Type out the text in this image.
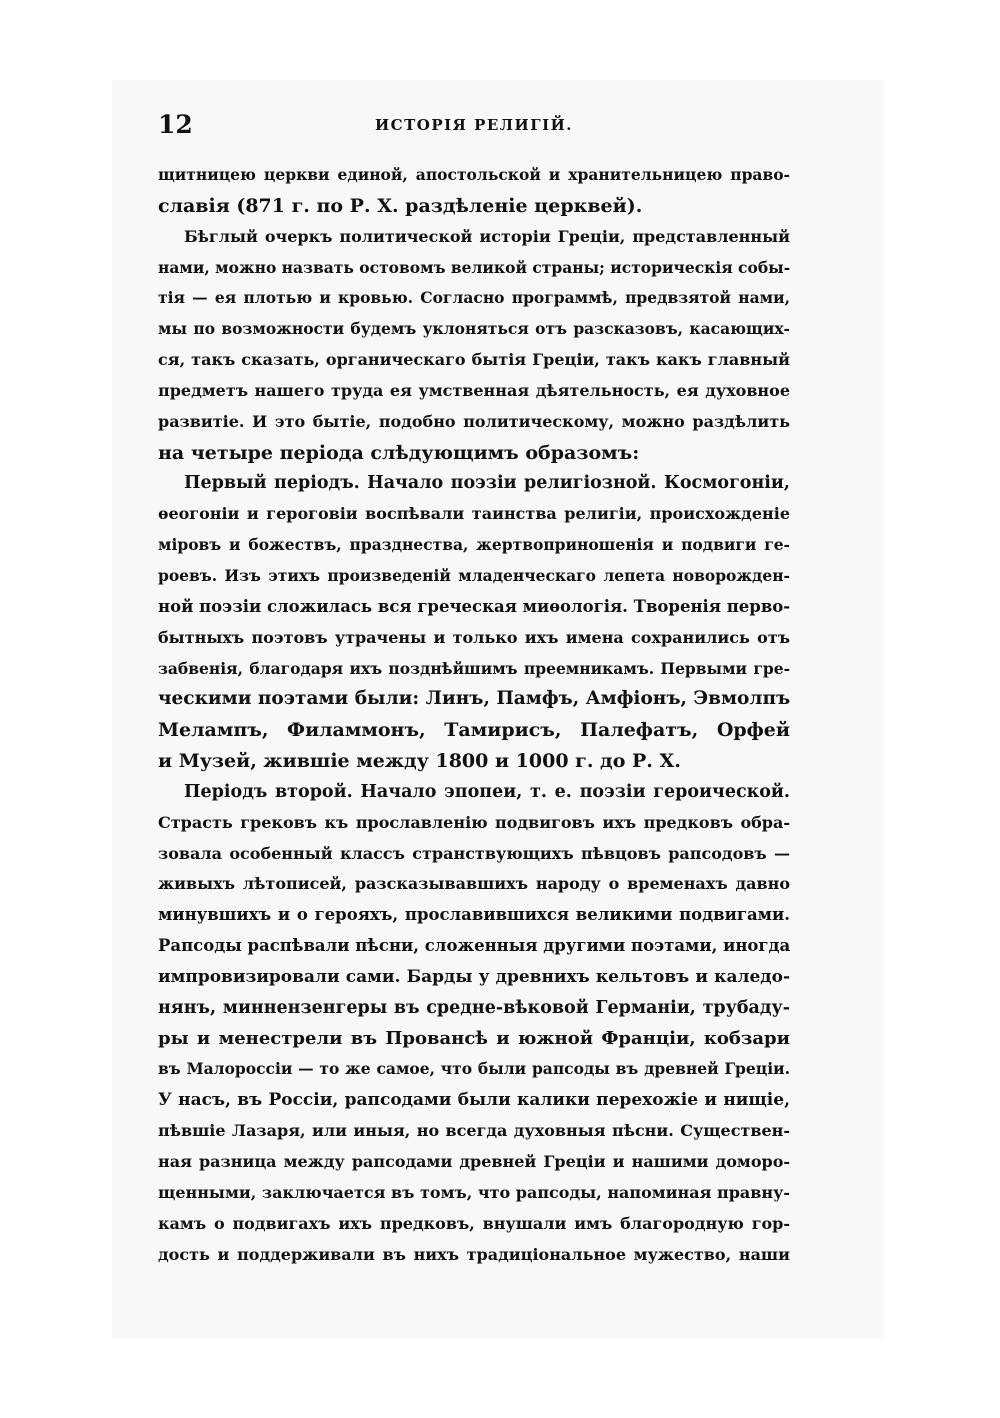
12	ИСТОРІЯ РЕЛИГІЙ.
щитницею церкви единой, апостольской и хранительницею право-
славія (871 г. по Р. Х. раздѣленіе церквей).
Бѣглый очеркъ политической исторіи Греціи, представленный
нами, можно назвать остовомъ великой страны; историческія собы-
тія — ея плотью и кровью. Согласно программѣ, предвзятой нами,
мы по возможности будемъ уклоняться отъ разсказовъ, касающих-
ся, такъ сказать, органическаго бытія Греціи, такъ какъ главный
предметъ нашего труда ея умственная дѣятельность, ея духовное
развитіе. И это бытіе, подобно политическому, можно раздѣлить
на четыре періода слѣдующимъ образомъ:
Первый періодъ. Начало поэзіи религіозной. Космогоніи,
ѳеогоніи и героговіи воспѣвали таинства религіи, происхожденіе
міровъ и божествъ, празднества, жертвоприношенія и подвиги ге-
роевъ. Изъ этихъ произведеній младенческаго лепета новорожден-
ной поэзіи сложилась вся греческая миѳологія. Творенія перво-
бытныхъ поэтовъ утрачены и только ихъ имена сохранились отъ
забвенія, благодаря ихъ позднѣйшимъ преемникамъ. Первыми гре-
ческими поэтами были: Линъ, Памфъ, Амфіонъ, Эвмолпъ
Мелампъ, Филаммонъ, Тамирисъ, Палефатъ, Орфей
и Музей, жившіе между 1800 и 1000 г. до Р. Х.
Періодъ второй. Начало эпопеи, т. е. поэзіи героической.
Страсть грековъ къ прославленію подвиговъ ихъ предковъ обра-
зовала особенный классъ странствующихъ пѣвцовъ рапсодовъ —
живыхъ лѣтописей, разсказывавшихъ народу о временахъ давно
минувшихъ и о герояхъ, прославившихся великими подвигами.
Рапсоды распѣвали пѣсни, сложенныя другими поэтами, иногда
импровизировали сами. Барды у древнихъ кельтовъ и каледо-
нянъ, миннензенгеры въ средне-вѣковой Германіи, трубаду-
ры и менестрели въ Провансѣ и южной Франціи, кобзари
въ Малороссіи — то же самое, что были рапсоды въ древней Греціи.
У насъ, въ Россіи, рапсодами были калики перехожіе и нищіе,
пѣвшіе Лазаря, или иныя, но всегда духовныя пѣсни. Существен-
ная разница между рапсодами древней Греціи и нашими доморо-
щенными, заключается въ томъ, что рапсоды, напоминая правну-
камъ о подвигахъ ихъ предковъ, внушали имъ благородную гор-
дость и поддерживали въ нихъ традиціональное мужество, наши
